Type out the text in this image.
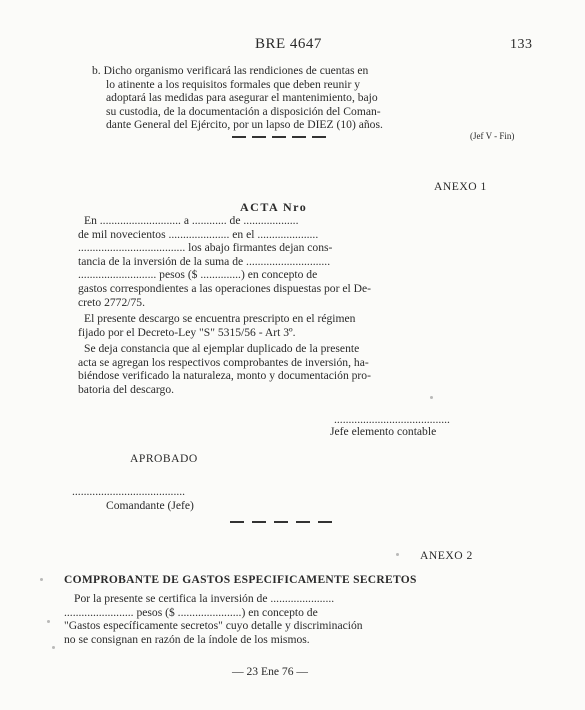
BRE 4647	133
b. Dicho organismo verificará las rendiciones de cuentas en
lo atinente a los requisitos formales que deben reunir y
adoptará las medidas para asegurar el mantenimiento, bajo
su custodia, de la documentación a disposición del Coman-
dante General del Ejército, por un lapso de DIEZ (10) años.
(Jef V - Fin)
ANEXO 1
ACTA Nro
En ............................ a ............ de ...................
de mil novecientos ..................... en el .....................
..................................... los abajo firmantes dejan cons-
tancia de la inversión de la suma de .............................
........................... pesos ($ ..............) en concepto de
gastos correspondientes a las operaciones dispuestas por el De-
creto 2772/75.
El presente descargo se encuentra prescripto en el régimen
fijado por el Decreto-Ley "S" 5315/56 - Art 3º.
Se deja constancia que al ejemplar duplicado de la presente
acta se agregan los respectivos comprobantes de inversión, ha-
biéndose verificado la naturaleza, monto y documentación pro-
batoria del descargo.
........................................
Jefe elemento contable
APROBADO
.......................................
Comandante (Jefe)
ANEXO 2
COMPROBANTE DE GASTOS ESPECIFICAMENTE SECRETOS
Por la presente se certifica la inversión de ......................
........................ pesos ($ ......................) en concepto de
"Gastos específicamente secretos" cuyo detalle y discriminación
no se consignan en razón de la índole de los mismos.
— 23 Ene 76 —
